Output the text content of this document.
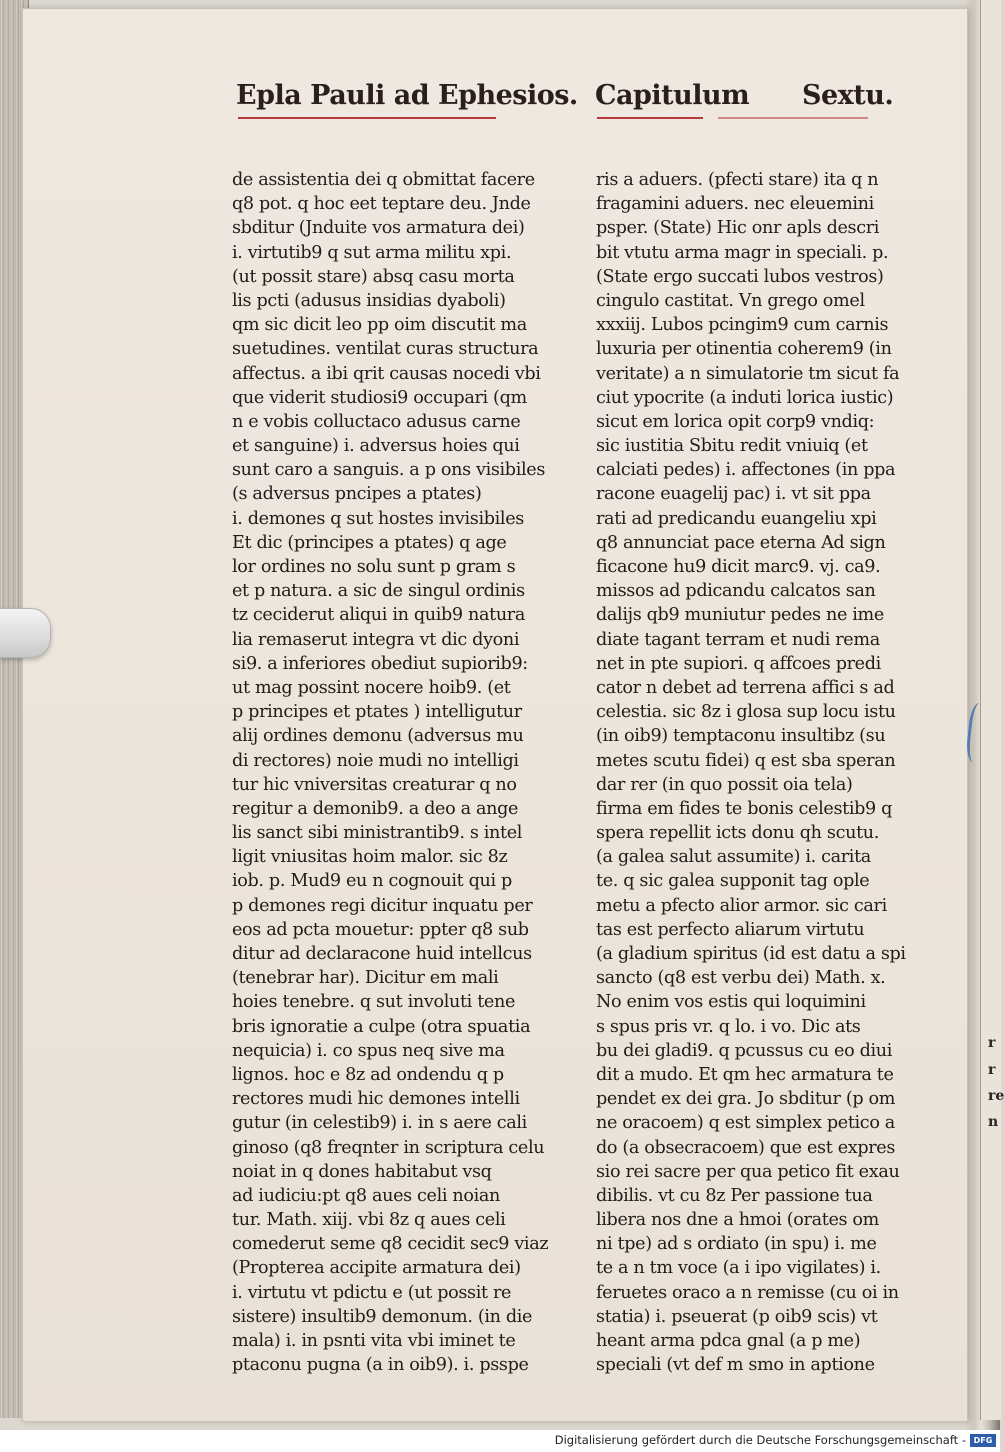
r
r
re
n
Epla Pauli ad Ephesios. Capitulum Sextu.
de assistentia dei q obmittat facere
q8 pot. q hoc eet teptare deu. Jnde
sbditur (Jnduite vos armatura dei)
i. virtutib9 q sut arma militu xpi.
(ut possit stare) absq casu morta
lis pcti (adusus insidias dyaboli)
qm sic dicit leo pp oim discutit ma
suetudines. ventilat curas structura
affectus. a ibi qrit causas nocedi vbi
que viderit studiosi9 occupari (qm
n e vobis colluctaco adusus carne
et sanguine) i. adversus hoies qui
sunt caro a sanguis. a p ons visibiles
(s adversus pncipes a ptates)
i. demones q sut hostes invisibiles
Et dic (principes a ptates) q age
lor ordines no solu sunt p gram s
et p natura. a sic de singul ordinis
tz ceciderut aliqui in quib9 natura
lia remaserut integra vt dic dyoni
si9. a inferiores obediut supiorib9:
ut mag possint nocere hoib9. (et
p principes et ptates ) intelligutur
alij ordines demonu (adversus mu
di rectores) noie mudi no intelligi
tur hic vniversitas creaturar q no
regitur a demonib9. a deo a ange
lis sanct sibi ministrantib9. s intel
ligit vniusitas hoim malor. sic 8z
iob. p. Mud9 eu n cognouit qui p
p demones regi dicitur inquatu per
eos ad pcta mouetur: ppter q8 sub
ditur ad declaracone huid intellcus
(tenebrar har). Dicitur em mali
hoies tenebre. q sut involuti tene
bris ignoratie a culpe (otra spuatia
nequicia) i. co spus neq sive ma
lignos. hoc e 8z ad ondendu q p
rectores mudi hic demones intelli
gutur (in celestib9) i. in s aere cali
ginoso (q8 freqnter in scriptura celu
noiat in q dones habitabut vsq
ad iudiciu:pt q8 aues celi noian
tur. Math. xiij. vbi 8z q aues celi
comederut seme q8 cecidit sec9 viaz
(Propterea accipite armatura dei)
i. virtutu vt pdictu e (ut possit re
sistere) insultib9 demonum. (in die
mala) i. in psnti vita vbi iminet te
ptaconu pugna (a in oib9). i. psspe
ris a aduers. (pfecti stare) ita q n
fragamini aduers. nec eleuemini
psper. (State) Hic onr apls descri
bit vtutu arma magr in speciali. p.
(State ergo succati lubos vestros)
cingulo castitat. Vn grego omel
xxxiij. Lubos pcingim9 cum carnis
luxuria per otinentia coherem9 (in
veritate) a n simulatorie tm sicut fa
ciut ypocrite (a induti lorica iustic)
sicut em lorica opit corp9 vndiq:
sic iustitia Sbitu redit vniuiq (et
calciati pedes) i. affectones (in ppa
racone euagelij pac) i. vt sit ppa
rati ad predicandu euangeliu xpi
q8 annunciat pace eterna Ad sign
ficacone hu9 dicit marc9. vj. ca9.
missos ad pdicandu calcatos san
dalijs qb9 muniutur pedes ne ime
diate tagant terram et nudi rema
net in pte supiori. q affcoes predi
cator n debet ad terrena affici s ad
celestia. sic 8z i glosa sup locu istu
(in oib9) temptaconu insultibz (su
metes scutu fidei) q est sba speran
dar rer (in quo possit oia tela)
firma em fides te bonis celestib9 q
spera repellit icts donu qh scutu.
(a galea salut assumite) i. carita
te. q sic galea supponit tag ople
metu a pfecto alior armor. sic cari
tas est perfecto aliarum virtutu
(a gladium spiritus (id est datu a spi
sancto (q8 est verbu dei) Math. x.
No enim vos estis qui loquimini
s spus pris vr. q lo. i vo. Dic ats
bu dei gladi9. q pcussus cu eo diui
dit a mudo. Et qm hec armatura te
pendet ex dei gra. Jo sbditur (p om
ne oracoem) q est simplex petico a
do (a obsecracoem) que est expres
sio rei sacre per qua petico fit exau
dibilis. vt cu 8z Per passione tua
libera nos dne a hmoi (orates om
ni tpe) ad s ordiato (in spu) i. me
te a n tm voce (a i ipo vigilates) i.
feruetes oraco a n remisse (cu oi in
statia) i. pseuerat (p oib9 scis) vt
heant arma pdca gnal (a p me)
speciali (vt def m smo in aptione
Digitalisierung gefördert durch die Deutsche Forschungsgemeinschaft - DFG
